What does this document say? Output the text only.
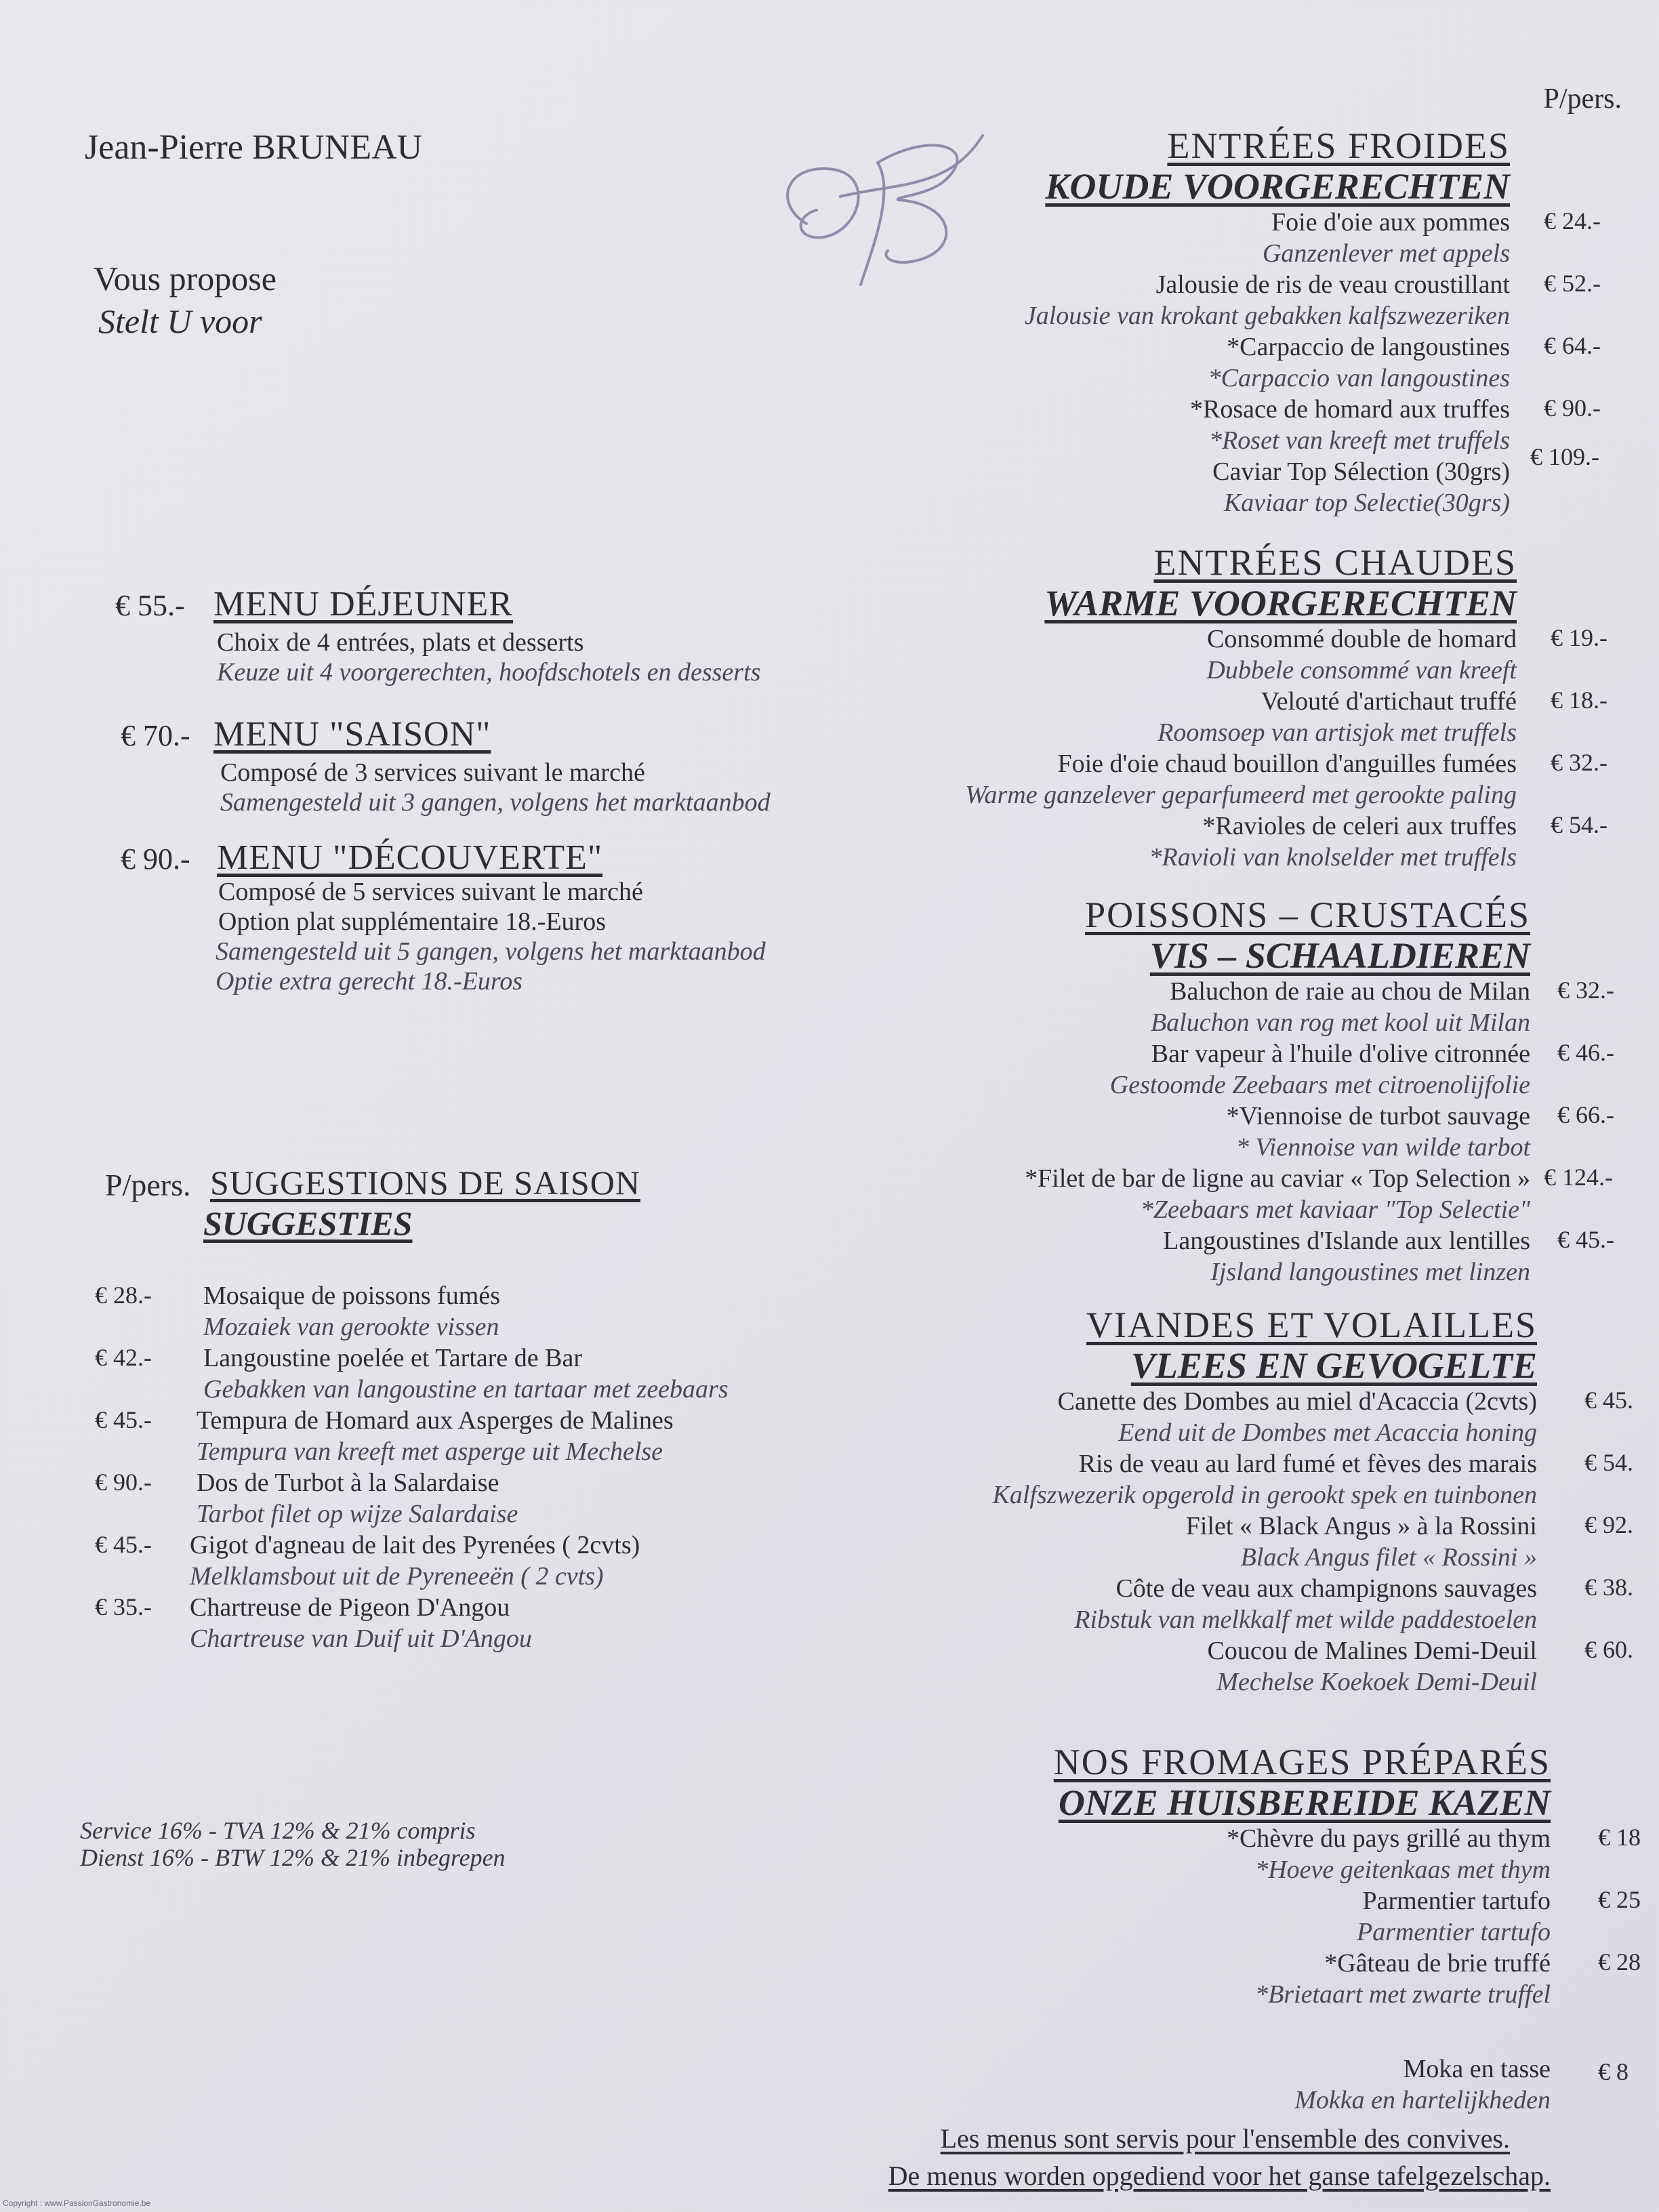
Jean-Pierre BRUNEAU
Vous propose
Stelt U voor
P/pers.
€ 55.- MENU DÉJEUNER
Choix de 4 entrées, plats et desserts
Keuze uit 4 voorgerechten, hoofdschotels en desserts
€ 70.- MENU "SAISON"
Composé de 3 services suivant le marché
Samengesteld uit 3 gangen, volgens het marktaanbod
€ 90.- MENU "DÉCOUVERTE"
Composé de 5 services suivant le marché
Option plat supplémentaire 18.-Euros
Samengesteld uit 5 gangen, volgens het marktaanbod
Optie extra gerecht 18.-Euros
P/pers. SUGGESTIONS DE SAISON
SUGGESTIES
€ 28.- Mosaique de poissons fumés
Mozaiek van gerookte vissen
€ 42.- Langoustine poelée et Tartare de Bar
Gebakken van langoustine en tartaar met zeebaars
€ 45.- Tempura de Homard aux Asperges de Malines
Tempura van kreeft met asperge uit Mechelse
€ 90.- Dos de Turbot à la Salardaise
Tarbot filet op wijze Salardaise
€ 45.- Gigot d'agneau de lait des Pyrenées ( 2cvts)
Melklamsbout uit de Pyreneeën ( 2 cvts)
€ 35.- Chartreuse de Pigeon D'Angou
Chartreuse van Duif uit D'Angou
Service 16% - TVA 12% & 21% compris
Dienst 16% - BTW 12% & 21% inbegrepen
ENTRÉES FROIDES
KOUDE VOORGERECHTEN
Foie d'oie aux pommes
Ganzenlever met appels
Jalousie de ris de veau croustillant
Jalousie van krokant gebakken kalfszwezeriken
*Carpaccio de langoustines
*Carpaccio van langoustines
*Rosace de homard aux truffes
*Roset van kreeft met truffels
Caviar Top Sélection (30grs)
Kaviaar top Selectie(30grs)
€ 24.-
€ 52.-
€ 64.-
€ 90.-
€ 109.-
ENTRÉES CHAUDES
WARME VOORGERECHTEN
Consommé double de homard
Dubbele consommé van kreeft
Velouté d'artichaut truffé
Roomsoep van artisjok met truffels
Foie d'oie chaud bouillon d'anguilles fumées
Warme ganzelever geparfumeerd met gerookte paling
*Ravioles de celeri aux truffes
*Ravioli van knolselder met truffels
€ 19.-
€ 18.-
€ 32.-
€ 54.-
POISSONS – CRUSTACÉS
VIS – SCHAALDIEREN
Baluchon de raie au chou de Milan
Baluchon van rog met kool uit Milan
Bar vapeur à l'huile d'olive citronnée
Gestoomde Zeebaars met citroenolijfolie
*Viennoise de turbot sauvage
* Viennoise van wilde tarbot
*Filet de bar de ligne au caviar « Top Selection »
*Zeebaars met kaviaar "Top Selectie"
Langoustines d'Islande aux lentilles
Ijsland langoustines met linzen
€ 32.-
€ 46.-
€ 66.-
€ 124.-
€ 45.-
VIANDES ET VOLAILLES
VLEES EN GEVOGELTE
Canette des Dombes au miel d'Acaccia (2cvts)
Eend uit de Dombes met Acaccia honing
Ris de veau au lard fumé et fèves des marais
Kalfszwezerik opgerold in gerookt spek en tuinbonen
Filet « Black Angus » à la Rossini
Black Angus filet « Rossini »
Côte de veau aux champignons sauvages
Ribstuk van melkkalf met wilde paddestoelen
Coucou de Malines Demi-Deuil
Mechelse Koekoek Demi-Deuil
€ 45.
€ 54.
€ 92.
€ 38.
€ 60.
NOS FROMAGES PRÉPARÉS
ONZE HUISBEREIDE KAZEN
*Chèvre du pays grillé au thym
*Hoeve geitenkaas met thym
Parmentier tartufo
Parmentier tartufo
*Gâteau de brie truffé
*Brietaart met zwarte truffel
€ 18
€ 25
€ 28
Moka en tasse
Mokka en hartelijkheden
€ 8
Les menus sont servis pour l'ensemble des convives.
De menus worden opgediend voor het ganse tafelgezelschap.
Copyright : www.PassionGastronomie.be
